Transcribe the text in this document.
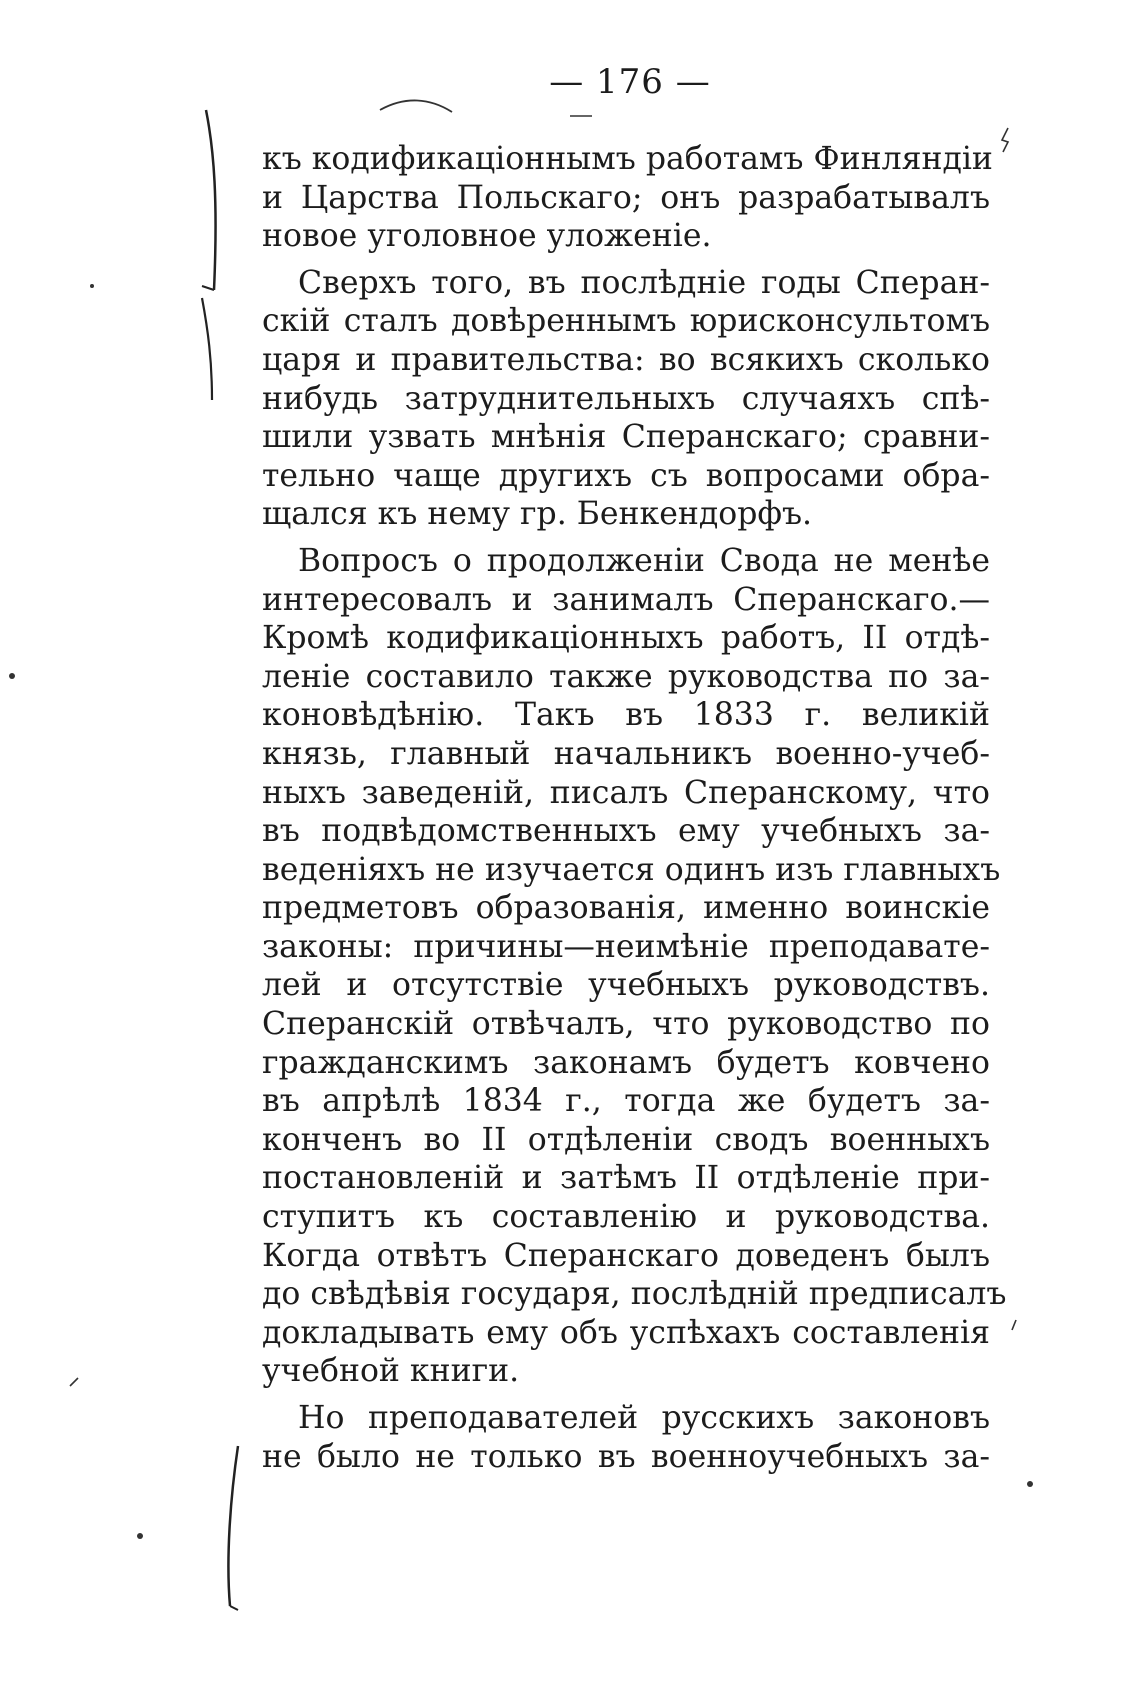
— 176 —
къ кодификаціоннымъ работамъ Финляндіи
и Царства Польскаго; онъ разрабатывалъ
новое уголовное уложеніе.
Сверхъ того, въ послѣдніе годы Сперан-
скій сталъ довѣреннымъ юрисконсультомъ
царя и правительства: во всякихъ сколько
нибудь затруднительныхъ случаяхъ спѣ-
шили узвать мнѣнія Сперанскаго; сравни-
тельно чаще другихъ съ вопросами обра-
щался къ нему гр. Бенкендорфъ.
Вопросъ о продолженіи Свода не менѣе
интересовалъ и занималъ Сперанскаго.—
Кромѣ кодификаціонныхъ работъ, II отдѣ-
леніе составило также руководства по за-
коновѣдѣнію. Такъ въ 1833 г. великій
князь, главный начальникъ военно-учеб-
ныхъ заведеній, писалъ Сперанскому, что
въ подвѣдомственныхъ ему учебныхъ за-
веденіяхъ не изучается одинъ изъ главныхъ
предметовъ образованія, именно воинскіе
законы: причины—неимѣніе преподавате-
лей и отсутствіе учебныхъ руководствъ.
Сперанскій отвѣчалъ, что руководство по
гражданскимъ законамъ будетъ ковчено
въ апрѣлѣ 1834 г., тогда же будетъ за-
конченъ во II отдѣленіи сводъ военныхъ
постановленій и затѣмъ II отдѣленіе при-
ступитъ къ составленію и руководства.
Когда отвѣтъ Сперанскаго доведенъ былъ
до свѣдѣвія государя, послѣдній предписалъ
докладывать ему объ успѣхахъ составленія
учебной книги.
Но преподавателей русскихъ законовъ
не было не только въ военноучебныхъ за-
